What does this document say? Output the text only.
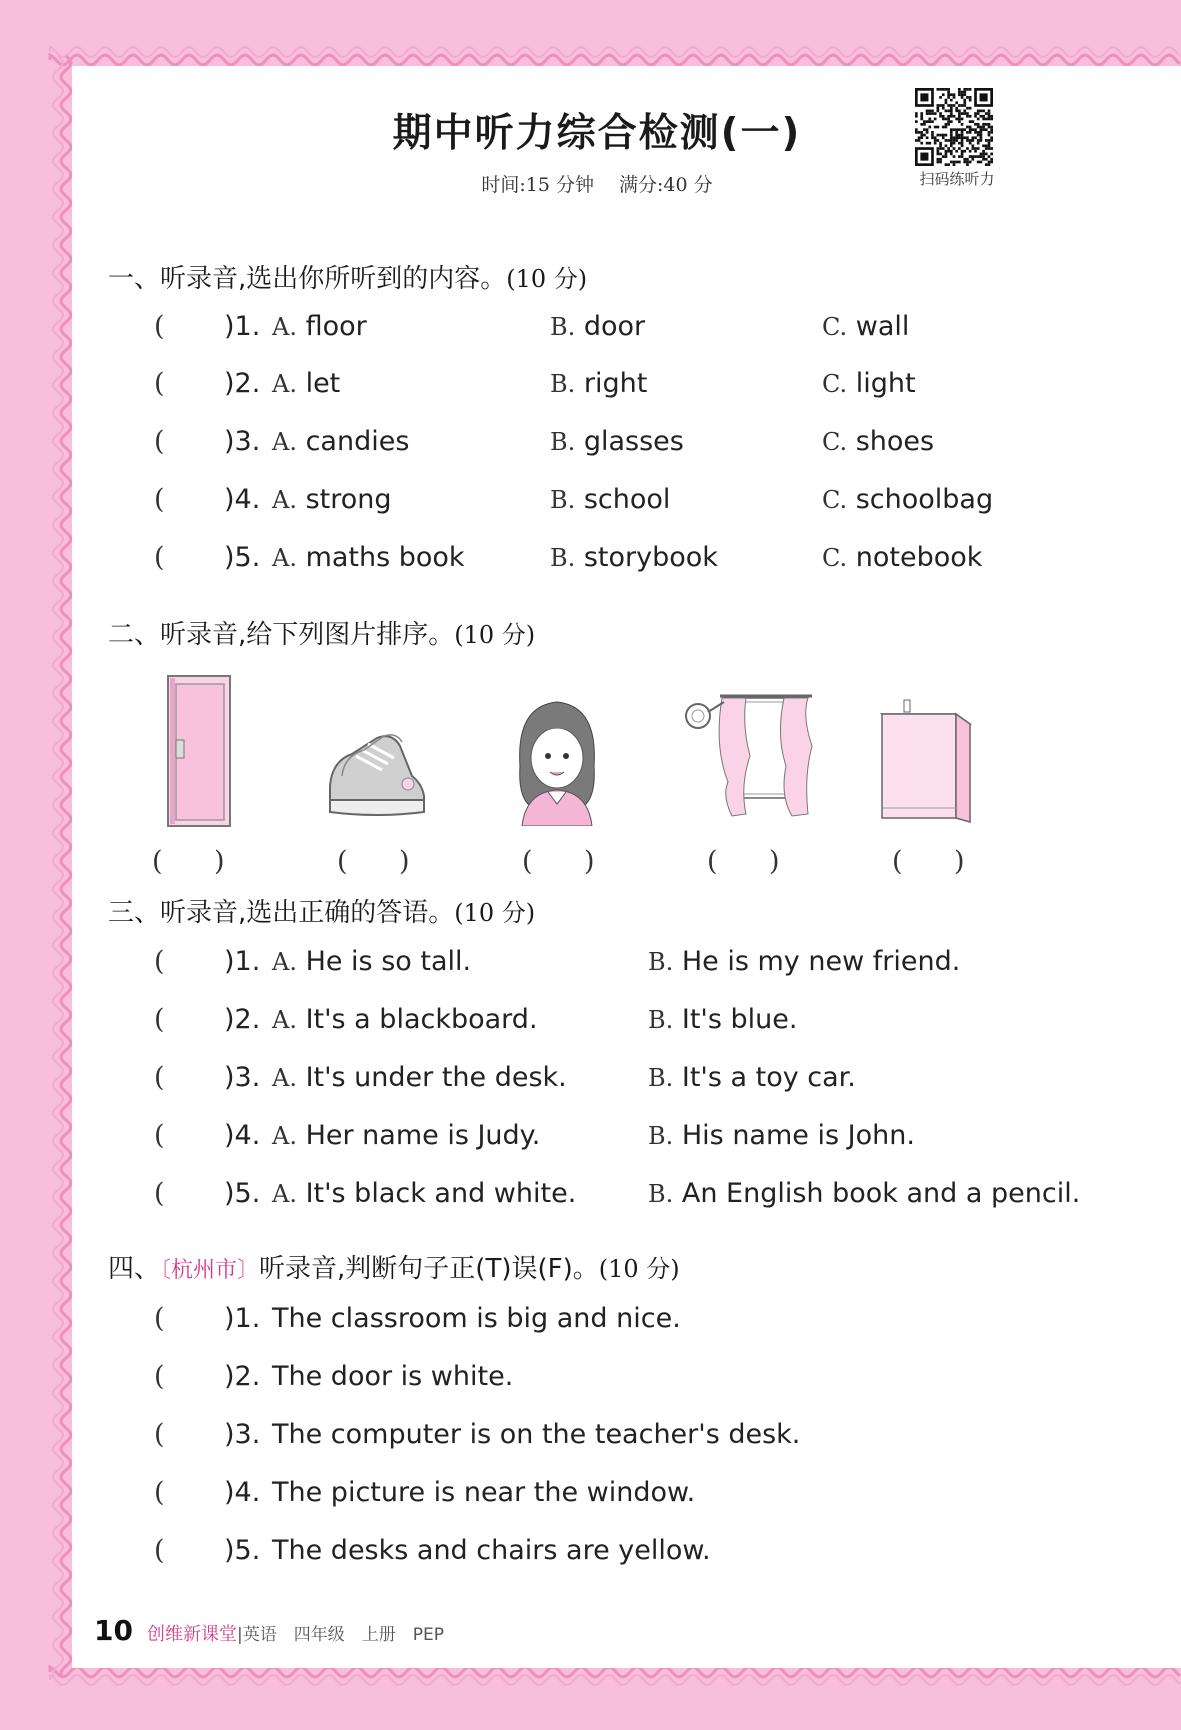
期中听力综合检测(一)
时间:15 分钟　 满分:40 分	扫码练听力
一、听录音,选出你所听到的内容。(10 分)
( )1. A. floor	B. door	C. wall
( )2. A. let	B. right	C. light
( )3. A. candies	B. glasses	C. shoes
( )4. A. strong	B. school	C. schoolbag
( )5. A. maths book	B. storybook	C. notebook
二、听录音,给下列图片排序。(10 分)
(      )	(      )	(      )	(      )	(      )
三、听录音,选出正确的答语。(10 分)
( )1. A. He is so tall.	B. He is my new friend.
( )2. A. It's a blackboard.	B. It's blue.
( )3. A. It's under the desk.	B. It's a toy car.
( )4. A. Her name is Judy.	B. His name is John.
( )5. A. It's black and white.	B. An English book and a pencil.
四、〔杭州市〕听录音,判断句子正(T)误(F)。(10 分)
( )1. The classroom is big and nice.
( )2. The door is white.
( )3. The computer is on the teacher's desk.
( )4. The picture is near the window.
( )5. The desks and chairs are yellow.
10 创维新课堂|英语　四年级　上册　PEP
